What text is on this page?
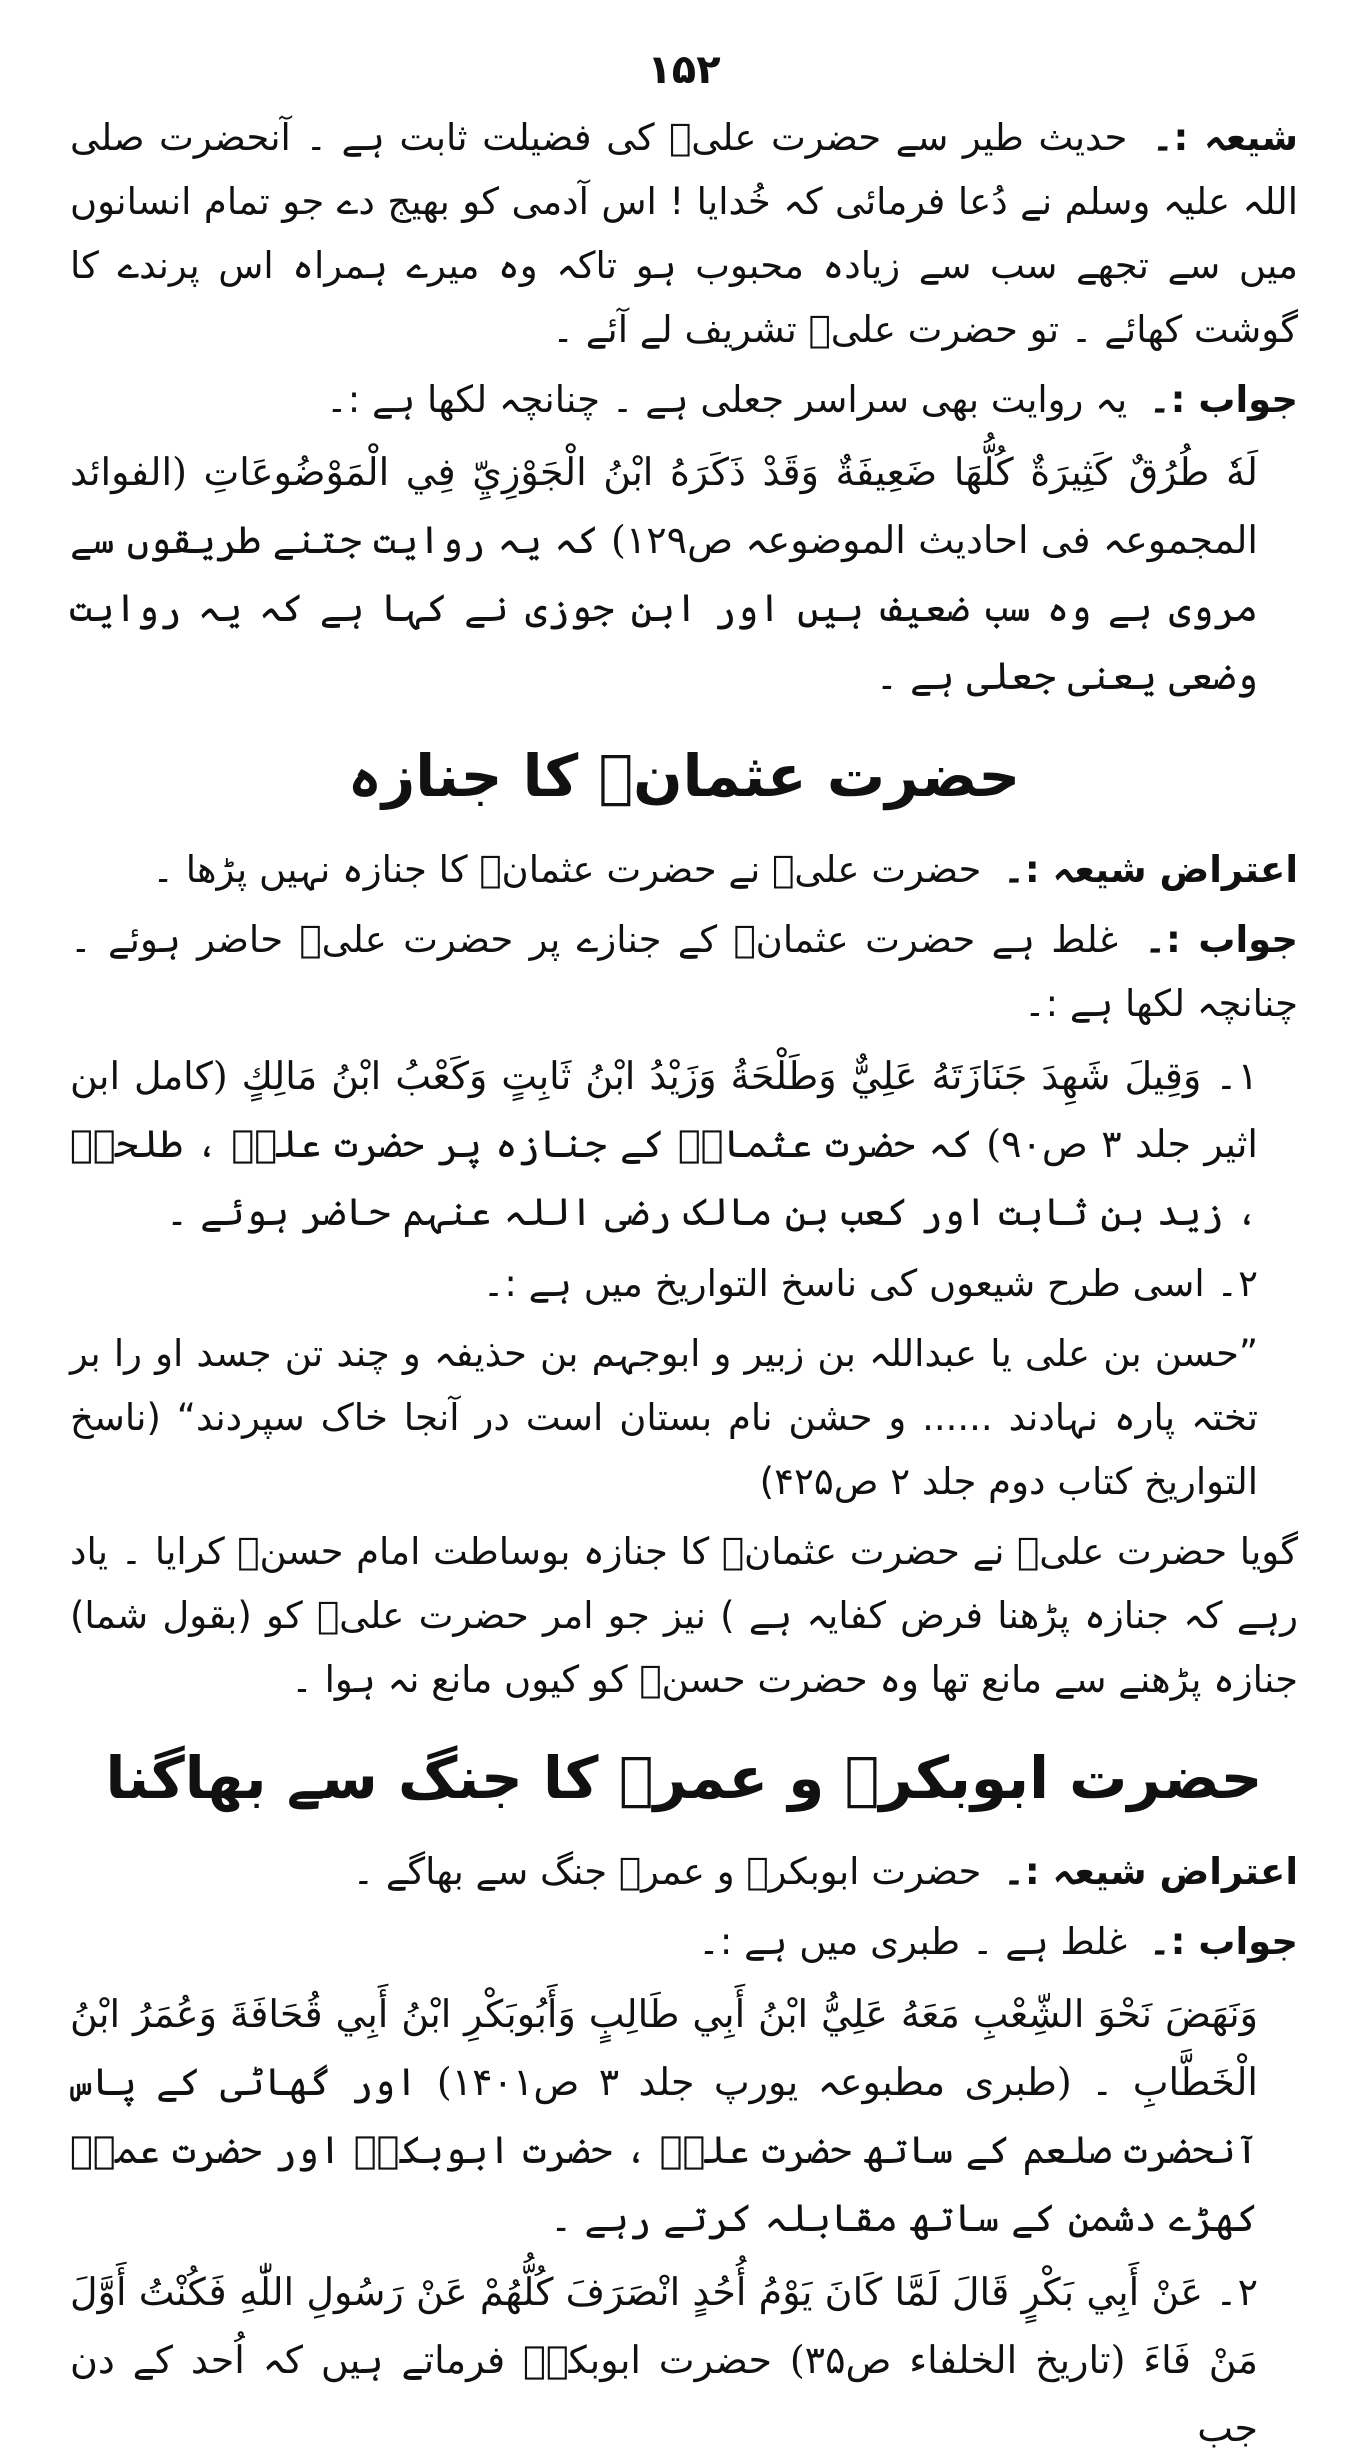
۱۵۲

شیعہ :۔ حدیث طیر سے حضرت علیؓ کی فضیلت ثابت ہے ۔ آنحضرت صلی اللہ علیہ وسلم نے دُعا فرمائی کہ خُدایا ! اس آدمی کو بھیج دے جو تمام انسانوں میں سے تجھے سب سے زیادہ محبوب ہو تاکہ وہ میرے ہمراہ اس پرندے کا گوشت کھائے ۔ تو حضرت علیؓ تشریف لے آئے ۔

جواب :۔ یہ روایت بھی سراسر جعلی ہے ۔ چنانچہ لکھا ہے :۔

لَهٗ طُرُقٌ كَثِيرَةٌ كُلُّهَا ضَعِيفَةٌ وَقَدْ ذَكَرَهُ ابْنُ الْجَوْزِيِّ فِي الْمَوْضُوعَاتِ (الفوائد المجموعہ فی احادیث الموضوعہ ص۱۲۹) کہ یہ روایت جتنے طریقوں سے مروی ہے وہ سب ضعیف ہیں اور ابن جوزی نے کہا ہے کہ یہ روایت وضعی یعنی جعلی ہے ۔

حضرت عثمانؓ کا جنازہ

اعتراض شیعہ :۔ حضرت علیؓ نے حضرت عثمانؓ کا جنازہ نہیں پڑھا ۔

جواب :۔ غلط ہے حضرت عثمانؓ کے جنازے پر حضرت علیؓ حاضر ہوئے ۔ چنانچہ لکھا ہے :۔

۱۔ وَقِيلَ شَهِدَ جَنَازَتَهُ عَلِيٌّ وَطَلْحَةُ وَزَيْدُ ابْنُ ثَابِتٍ وَكَعْبُ ابْنُ مَالِكٍ (کامل ابن اثیر جلد ۳ ص۹۰) کہ حضرت عثمانؓ کے جنازہ پر حضرت علیؓ ، طلحہؓ ، زید بن ثابت اور کعب بن مالک رضی اللہ عنہم حاضر ہوئے ۔

۲۔ اسی طرح شیعوں کی ناسخ التواریخ میں ہے :۔

”حسن بن علی یا عبداللہ بن زبیر و ابوجہم بن حذیفہ و چند تن جسد او را بر تختہ پارہ نہادند ...... و حشن نام بستان است در آنجا خاک سپردند“ (ناسخ التواریخ کتاب دوم جلد ۲ ص۴۲۵)

گویا حضرت علیؓ نے حضرت عثمانؓ کا جنازہ بوساطت امام حسنؓ کرایا ۔ یاد رہے کہ جنازہ پڑھنا فرض کفایہ ہے ) نیز جو امر حضرت علیؓ کو (بقول شما) جنازہ پڑھنے سے مانع تھا وہ حضرت حسنؓ کو کیوں مانع نہ ہوا ۔

حضرت ابوبکرؓ و عمرؓ کا جنگ سے بھاگنا

اعتراض شیعہ :۔ حضرت ابوبکرؓ و عمرؓ جنگ سے بھاگے ۔

جواب :۔ غلط ہے ۔ طبری میں ہے :۔

وَنَهَضَ نَحْوَ الشِّعْبِ مَعَهُ عَلِيُّ ابْنُ أَبِي طَالِبٍ وَأَبُوبَكْرِ ابْنُ أَبِي قُحَافَةَ وَعُمَرُ ابْنُ الْخَطَّابِ ۔ (طبری مطبوعہ یورپ جلد ۳ ص۱۴۰۱) اور گھاٹی کے پاس آنحضرت صلعم کے ساتھ حضرت علیؓ ، حضرت ابوبکرؓ اور حضرت عمرؓ کھڑے دشمن کے ساتھ مقابلہ کرتے رہے ۔

۲۔ عَنْ أَبِي بَكْرٍ قَالَ لَمَّا كَانَ يَوْمُ أُحُدٍ انْصَرَفَ كُلُّهُمْ عَنْ رَسُولِ اللّٰهِ فَكُنْتُ أَوَّلَ مَنْ فَاءَ (تاریخ الخلفاء ص۳۵) حضرت ابوبکرؓ فرماتے ہیں کہ اُحد کے دن جب
